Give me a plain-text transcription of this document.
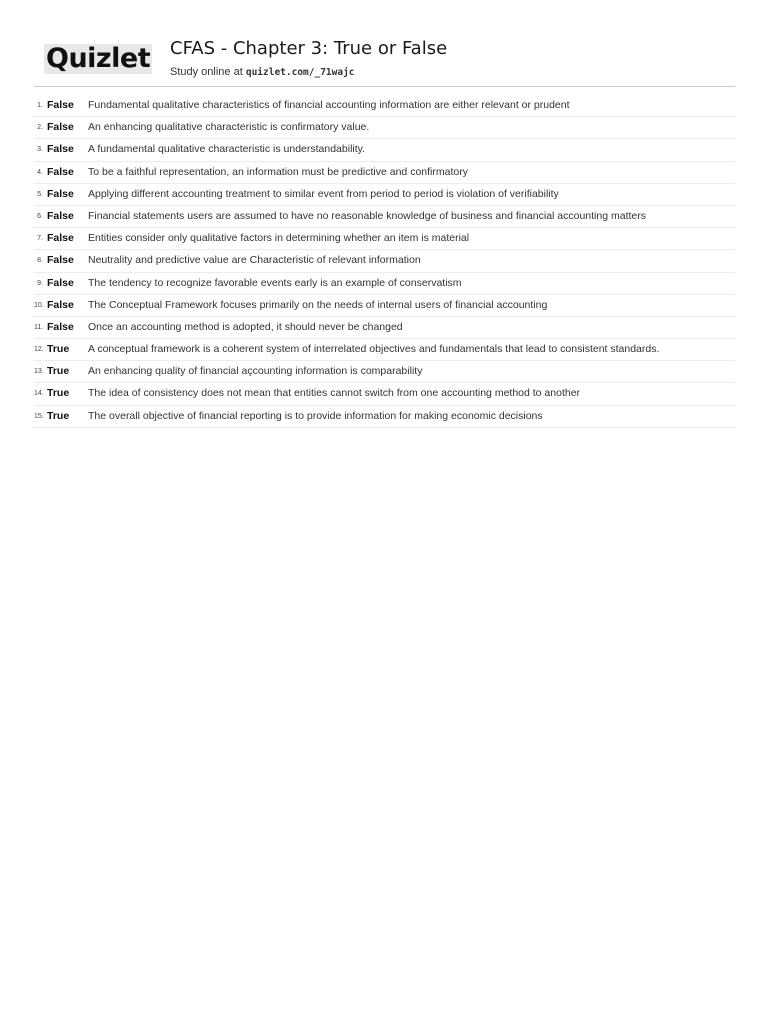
Quizlet CFAS - Chapter 3: True or False
Study online at quizlet.com/_71wajc
1. False Fundamental qualitative characteristics of financial accounting information are either relevant or prudent
2. False An enhancing qualitative characteristic is confirmatory value.
3. False A fundamental qualitative characteristic is understandability.
4. False To be a faithful representation, an information must be predictive and confirmatory
5. False Applying different accounting treatment to similar event from period to period is violation of verifiability
6. False Financial statements users are assumed to have no reasonable knowledge of business and financial accounting matters
7. False Entities consider only qualitative factors in determining whether an item is material
8. False Neutrality and predictive value are Characteristic of relevant information
9. False The tendency to recognize favorable events early is an example of conservatism
10. False The Conceptual Framework focuses primarily on the needs of internal users of financial accounting
11. False Once an accounting method is adopted, it should never be changed
12. True A conceptual framework is a coherent system of interrelated objectives and fundamentals that lead to consistent standards.
13. True An enhancing quality of financial açcounting information is comparability
14. True The idea of consistency does not mean that entities cannot switch from one accounting method to another
15. True The overall objective of financial reporting is to provide information for making economic decisions
